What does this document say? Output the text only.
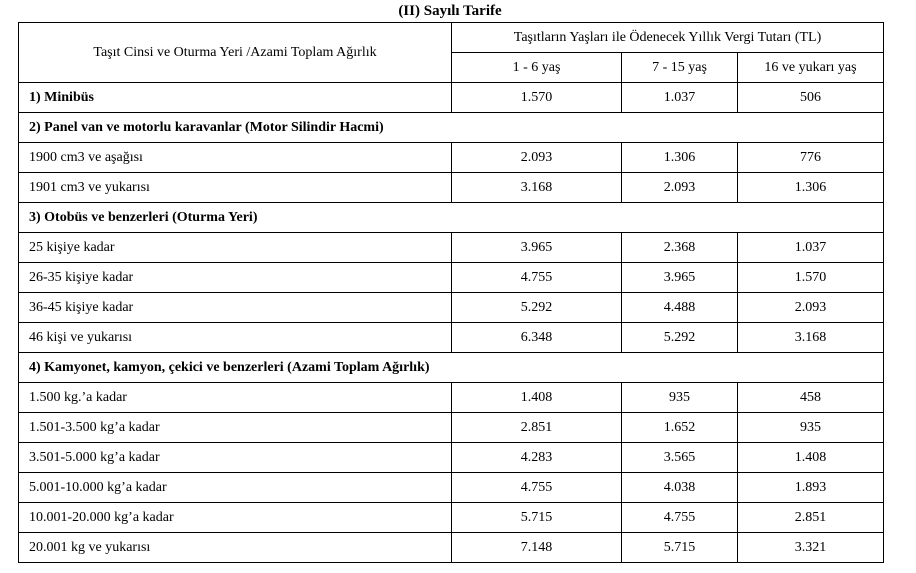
(II) Sayılı Tarife
Taşıt Cinsi ve Oturma Yeri /Azami Toplam Ağırlık	Taşıtların Yaşları ile Ödenecek Yıllık Vergi Tutarı (TL)		
	1 - 6 yaş	7 - 15 yaş	16 ve yukarı yaş
1) Minibüs	1.570	1.037	506
2) Panel van ve motorlu karavanlar (Motor Silindir Hacmi)			
1900 cm3 ve aşağısı	2.093	1.306	776
1901 cm3 ve yukarısı	3.168	2.093	1.306
3) Otobüs ve benzerleri (Oturma Yeri)			
25 kişiye kadar	3.965	2.368	1.037
26-35 kişiye kadar	4.755	3.965	1.570
36-45 kişiye kadar	5.292	4.488	2.093
46 kişi ve yukarısı	6.348	5.292	3.168
4) Kamyonet, kamyon, çekici ve benzerleri (Azami Toplam Ağırlık)			
1.500 kg.’a kadar	1.408	935	458
1.501-3.500 kg’a kadar	2.851	1.652	935
3.501-5.000 kg’a kadar	4.283	3.565	1.408
5.001-10.000 kg’a kadar	4.755	4.038	1.893
10.001-20.000 kg’a kadar	5.715	4.755	2.851
20.001 kg ve yukarısı	7.148	5.715	3.321
